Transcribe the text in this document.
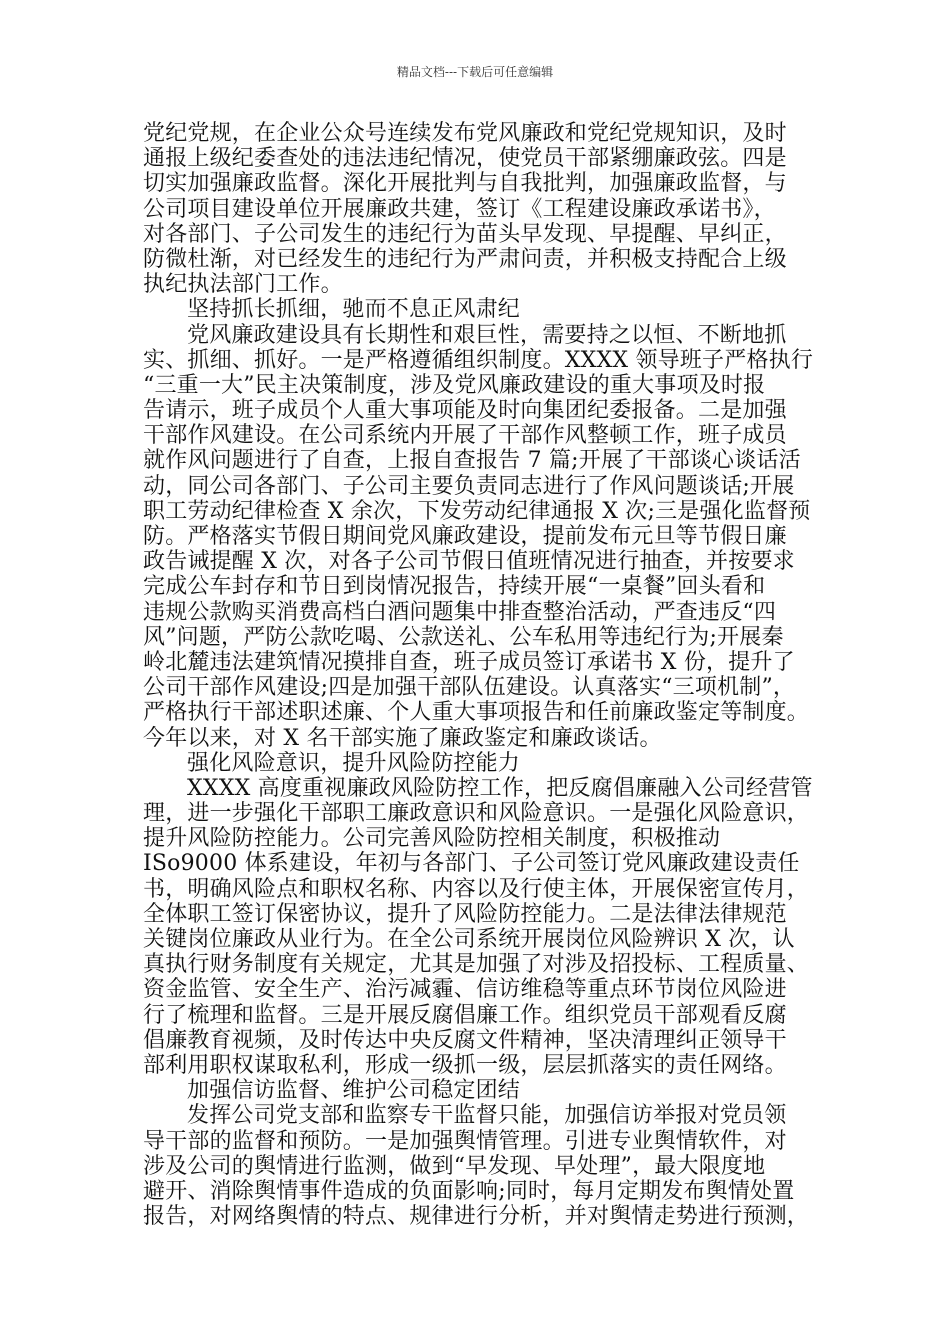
精品文档---下载后可任意编辑
党纪党规，在企业公众号连续发布党风廉政和党纪党规知识，及时
通报上级纪委查处的违法违纪情况，使党员干部紧绷廉政弦。四是
切实加强廉政监督。深化开展批判与自我批判，加强廉政监督，与
公司项目建设单位开展廉政共建，签订《工程建设廉政承诺书》，
对各部门、子公司发生的违纪行为苗头早发现、早提醒、早纠正，
防微杜渐，对已经发生的违纪行为严肃问责，并积极支持配合上级
执纪执法部门工作。
坚持抓长抓细，驰而不息正风肃纪
党风廉政建设具有长期性和艰巨性，需要持之以恒、不断地抓
实、抓细、抓好。一是严格遵循组织制度。XXXX 领导班子严格执行
“三重一大”民主决策制度，涉及党风廉政建设的重大事项及时报
告请示，班子成员个人重大事项能及时向集团纪委报备。二是加强
干部作风建设。在公司系统内开展了干部作风整顿工作，班子成员
就作风问题进行了自查，上报自查报告 7 篇;开展了干部谈心谈话活
动，同公司各部门、子公司主要负责同志进行了作风问题谈话;开展
职工劳动纪律检查 X 余次，下发劳动纪律通报 X 次;三是强化监督预
防。严格落实节假日期间党风廉政建设，提前发布元旦等节假日廉
政告诫提醒 X 次，对各子公司节假日值班情况进行抽查，并按要求
完成公车封存和节日到岗情况报告，持续开展“一桌餐”回头看和
违规公款购买消费高档白酒问题集中排查整治活动，严查违反“四
风”问题，严防公款吃喝、公款送礼、公车私用等违纪行为;开展秦
岭北麓违法建筑情况摸排自查，班子成员签订承诺书 X 份，提升了
公司干部作风建设;四是加强干部队伍建设。认真落实“三项机制”，
严格执行干部述职述廉、个人重大事项报告和任前廉政鉴定等制度。
今年以来，对 X 名干部实施了廉政鉴定和廉政谈话。
强化风险意识，提升风险防控能力
XXXX 高度重视廉政风险防控工作，把反腐倡廉融入公司经营管
理，进一步强化干部职工廉政意识和风险意识。一是强化风险意识，
提升风险防控能力。公司完善风险防控相关制度，积极推动
ISo9000 体系建设，年初与各部门、子公司签订党风廉政建设责任
书，明确风险点和职权名称、内容以及行使主体，开展保密宣传月，
全体职工签订保密协议，提升了风险防控能力。二是法律法律规范
关键岗位廉政从业行为。在全公司系统开展岗位风险辨识 X 次，认
真执行财务制度有关规定，尤其是加强了对涉及招投标、工程质量、
资金监管、安全生产、治污减霾、信访维稳等重点环节岗位风险进
行了梳理和监督。三是开展反腐倡廉工作。组织党员干部观看反腐
倡廉教育视频，及时传达中央反腐文件精神，坚决清理纠正领导干
部利用职权谋取私利，形成一级抓一级，层层抓落实的责任网络。
加强信访监督、维护公司稳定团结
发挥公司党支部和监察专干监督只能，加强信访举报对党员领
导干部的监督和预防。一是加强舆情管理。引进专业舆情软件，对
涉及公司的舆情进行监测，做到“早发现、早处理”，最大限度地
避开、消除舆情事件造成的负面影响;同时，每月定期发布舆情处置
报告，对网络舆情的特点、规律进行分析，并对舆情走势进行预测，
